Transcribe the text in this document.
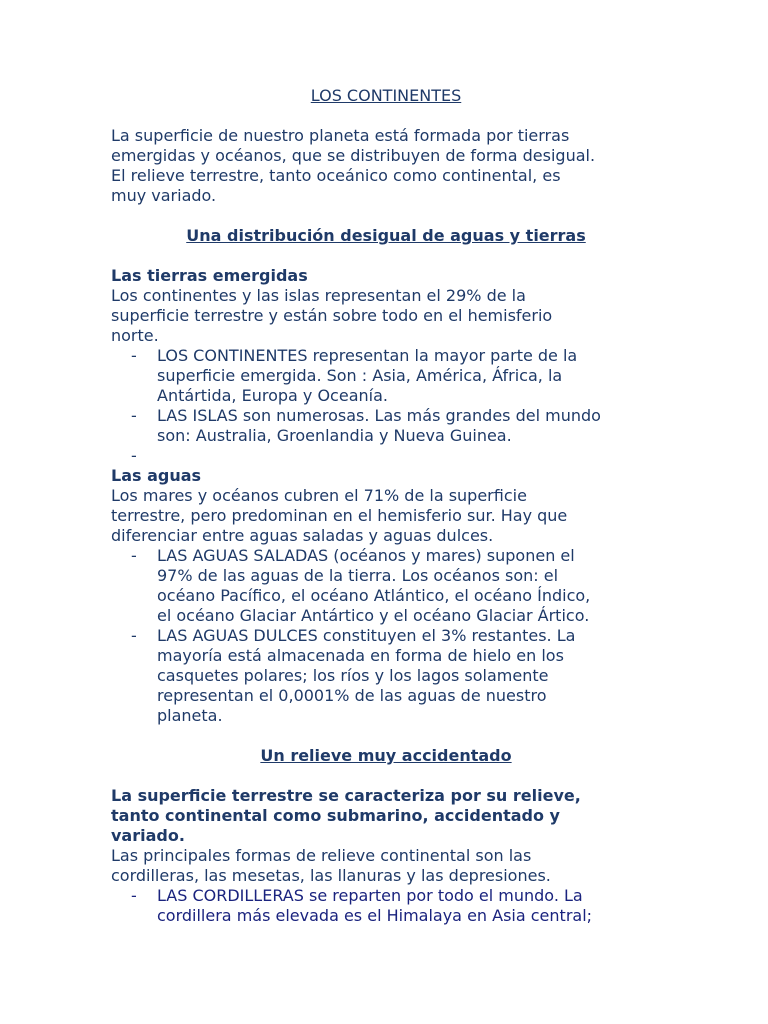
LOS CONTINENTES

La superficie de nuestro planeta está formada por tierras

emergidas y océanos, que se distribuyen de forma desigual.

El relieve terrestre, tanto oceánico como continental, es

muy variado.

Una distribución desigual de aguas y tierras

Las tierras emergidas

Los continentes y las islas representan el 29% de la

superficie terrestre y están sobre todo en el hemisferio

norte.

- LOS CONTINENTES representan la mayor parte de la

superficie emergida. Son : Asia, América, África, la

Antártida, Europa y Oceanía.

- LAS ISLAS son numerosas. Las más grandes del mundo

son: Australia, Groenlandia y Nueva Guinea.

-

Las aguas

Los mares y océanos cubren el 71% de la superficie

terrestre, pero predominan en el hemisferio sur. Hay que

diferenciar entre aguas saladas y aguas dulces.

- LAS AGUAS SALADAS (océanos y mares) suponen el

97% de las aguas de la tierra. Los océanos son: el

océano Pacífico, el océano Atlántico, el océano Índico,

el océano Glaciar Antártico y el océano Glaciar Ártico.

- LAS AGUAS DULCES constituyen el 3% restantes. La

mayoría está almacenada en forma de hielo en los

casquetes polares; los ríos y los lagos solamente

representan el 0,0001% de las aguas de nuestro

planeta.

Un relieve muy accidentado

La superficie terrestre se caracteriza por su relieve,

tanto continental como submarino, accidentado y

variado.

Las principales formas de relieve continental son las

cordilleras, las mesetas, las llanuras y las depresiones.

- LAS CORDILLERAS se reparten por todo el mundo. La

cordillera más elevada es el Himalaya en Asia central;
